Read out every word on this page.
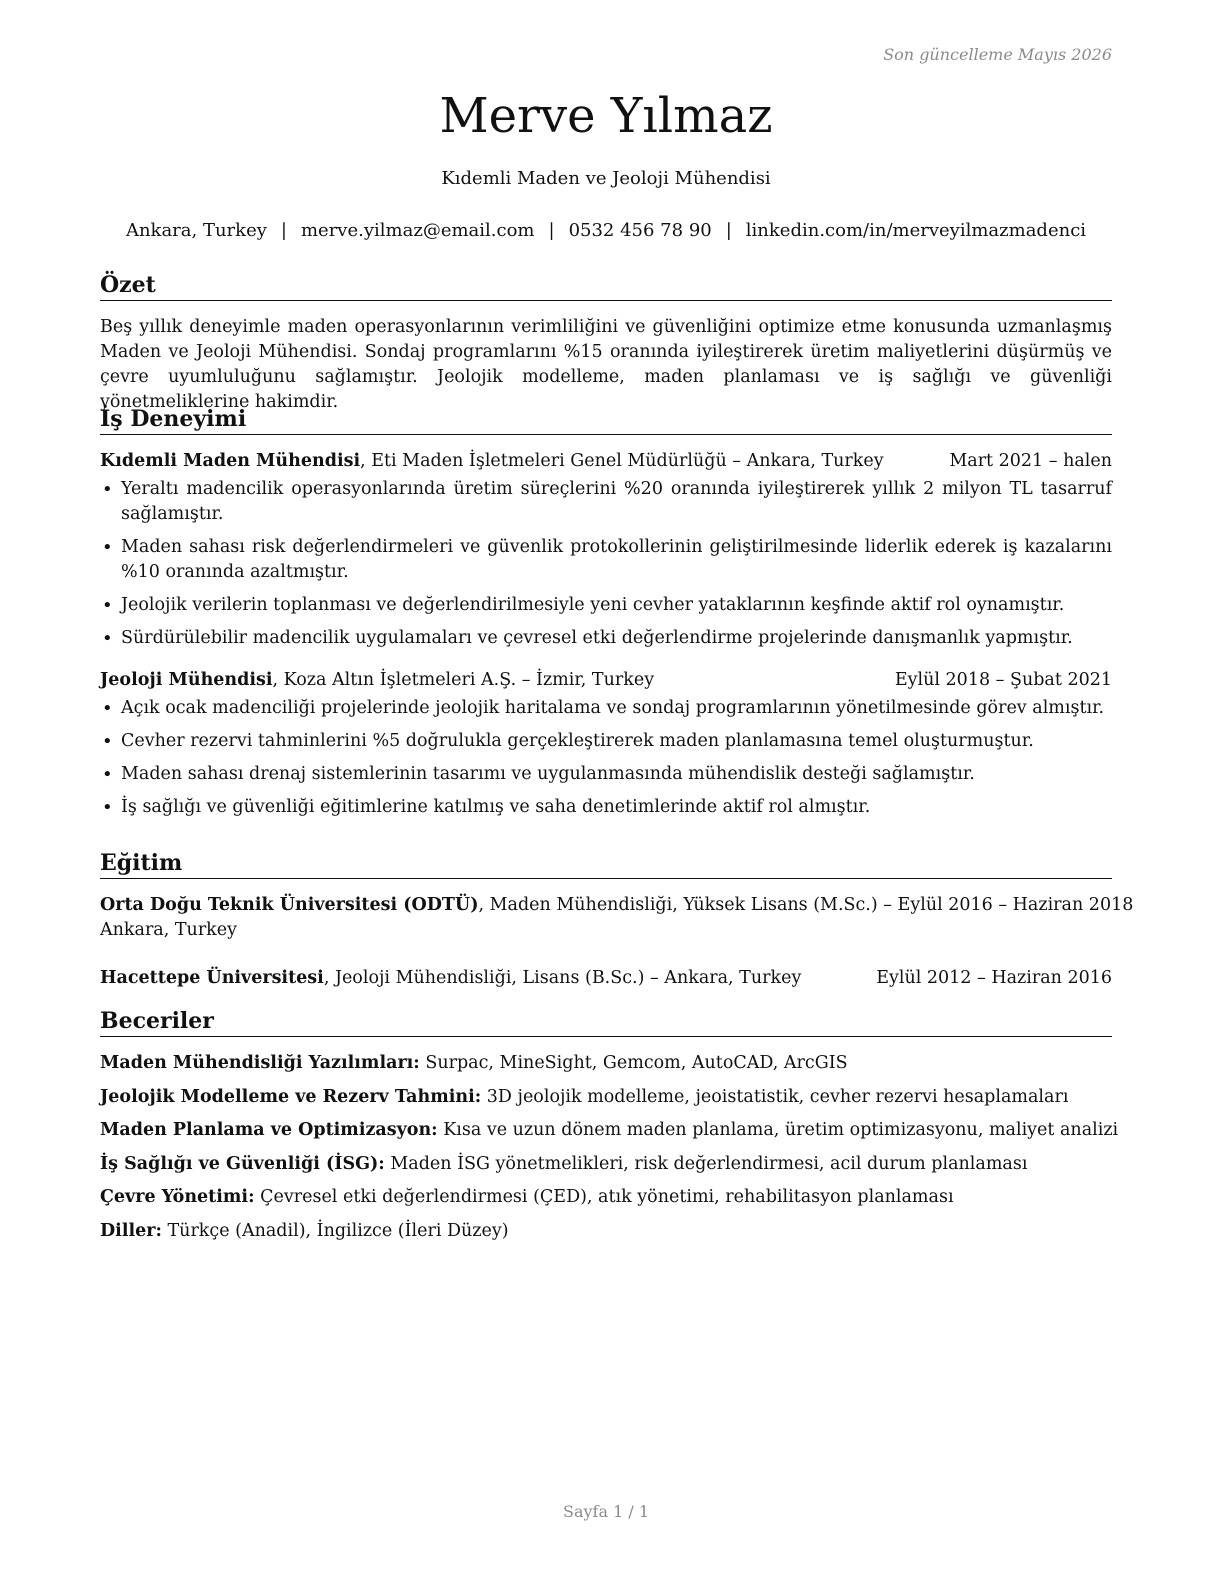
Son güncelleme Mayıs 2026
Merve Yılmaz
Kıdemli Maden ve Jeoloji Mühendisi
Ankara, Turkey | merve.yilmaz@email.com | 0532 456 78 90 | linkedin.com/in/merveyilmazmadenci
Özet

Beş yıllık deneyimle maden operasyonlarının verimliliğini ve güvenliğini optimize etme konusunda uzmanlaşmış Maden ve Jeoloji Mühendisi. Sondaj programlarını %15 oranında iyileştirerek üretim maliyetlerini düşürmüş ve çevre uyumluluğunu sağlamıştır. Jeolojik modelleme, maden planlaması ve iş sağlığı ve güvenliği yönetmeliklerine hakimdir.

İş Deneyimi
Kıdemli Maden Mühendisi, Eti Maden İşletmeleri Genel Müdürlüğü – Ankara, Turkey	Mart 2021 – halen
• Yeraltı madencilik operasyonlarında üretim süreçlerini %20 oranında iyileştirerek yıllık 2 milyon TL tasarruf sağlamıştır.
• Maden sahası risk değerlendirmeleri ve güvenlik protokollerinin geliştirilmesinde liderlik ederek iş kazalarını %10 oranında azaltmıştır.
• Jeolojik verilerin toplanması ve değerlendirilmesiyle yeni cevher yataklarının keşfinde aktif rol oynamıştır.
• Sürdürülebilir madencilik uygulamaları ve çevresel etki değerlendirme projelerinde danışmanlık yapmıştır.
Jeoloji Mühendisi, Koza Altın İşletmeleri A.Ş. – İzmir, Turkey	Eylül 2018 – Şubat 2021
• Açık ocak madenciliği projelerinde jeolojik haritalama ve sondaj programlarının yönetilmesinde görev almıştır.
• Cevher rezervi tahminlerini %5 doğrulukla gerçekleştirerek maden planlamasına temel oluşturmuştur.
• Maden sahası drenaj sistemlerinin tasarımı ve uygulanmasında mühendislik desteği sağlamıştır.
• İş sağlığı ve güvenliği eğitimlerine katılmış ve saha denetimlerinde aktif rol almıştır.
Eğitim
Orta Doğu Teknik Üniversitesi (ODTÜ), Maden Mühendisliği, Yüksek Lisans (M.Sc.) – Eylül 2016 – Haziran 2018
Ankara, Turkey
Hacettepe Üniversitesi, Jeoloji Mühendisliği, Lisans (B.Sc.) – Ankara, Turkey	Eylül 2012 – Haziran 2016
Beceriler
Maden Mühendisliği Yazılımları: Surpac, MineSight, Gemcom, AutoCAD, ArcGIS
Jeolojik Modelleme ve Rezerv Tahmini: 3D jeolojik modelleme, jeoistatistik, cevher rezervi hesaplamaları
Maden Planlama ve Optimizasyon: Kısa ve uzun dönem maden planlama, üretim optimizasyonu, maliyet analizi
İş Sağlığı ve Güvenliği (İSG): Maden İSG yönetmelikleri, risk değerlendirmesi, acil durum planlaması
Çevre Yönetimi: Çevresel etki değerlendirmesi (ÇED), atık yönetimi, rehabilitasyon planlaması
Diller: Türkçe (Anadil), İngilizce (İleri Düzey)
Sayfa 1 / 1
